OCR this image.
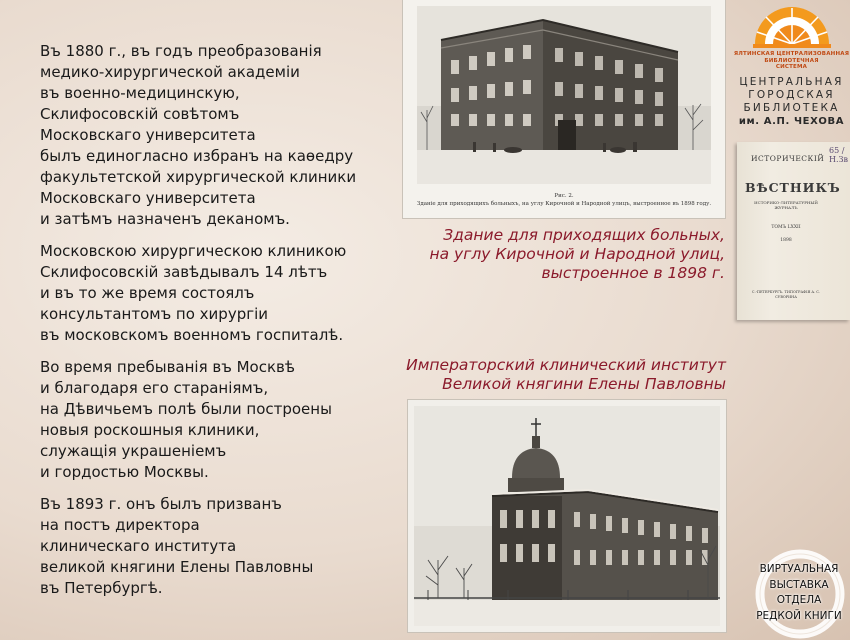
Въ 1880 г., въ годъ преобразованія
медико-хирургической академіи
въ военно-медицинскую,
Склифосовскій совѣтомъ
Московскаго университета
былъ единогласно избранъ на каѳедру
факультетской хирургической клиники
Московскаго университета
и затѣмъ назначенъ деканомъ.

Московскою хирургическою клиникою
Склифосовскій завѣдывалъ 14 лѣтъ
и въ то же время состоялъ
консультантомъ по хирургіи
въ московскомъ военномъ госпиталѣ.

Во время пребыванія въ Москвѣ
и благодаря его стараніямъ,
на Дѣвичьемъ полѣ были построены
новыя роскошныя клиники,
служащія украшеніемъ
и гордостью Москвы.

Въ 1893 г. онъ былъ призванъ
на постъ директора
клиническаго института
великой княгини Елены Павловны
въ Петербургѣ.

Рис. 2.
Зданіе для приходящихъ больныхъ, на углу Кирочной и Народной улицъ, выстроенное въ 1898 году.
Здание для приходящих больных,
на углу Кирочной и Народной улиц,
выстроенное в 1898 г.
Императорский клинический институт
Великой княгини Елены Павловны
ЯЛТИНСКАЯ ЦЕНТРАЛИЗОВАННАЯ
БИБЛИОТЕЧНАЯ
СИСТЕМА
ЦЕНТРАЛЬНАЯ
ГОРОДСКАЯ
БИБЛИОТЕКА
им. А.П. ЧЕХОВА
65 / Н.Зв
ИСТОРИЧЕСКІЙ
ВѢСТНИКЪ
ИСТОРИКО-ЛИТЕРАТУРНЫЙ ЖУРНАЛЪ
ТОМЪ LXXII
1898
С.-ПЕТЕРБУРГЪ. ТИПОГРАФІЯ А. С. СУВОРИНА
ВИРТУАЛЬНАЯ
ВЫСТАВКА
ОТДЕЛА
РЕДКОЙ КНИГИ
